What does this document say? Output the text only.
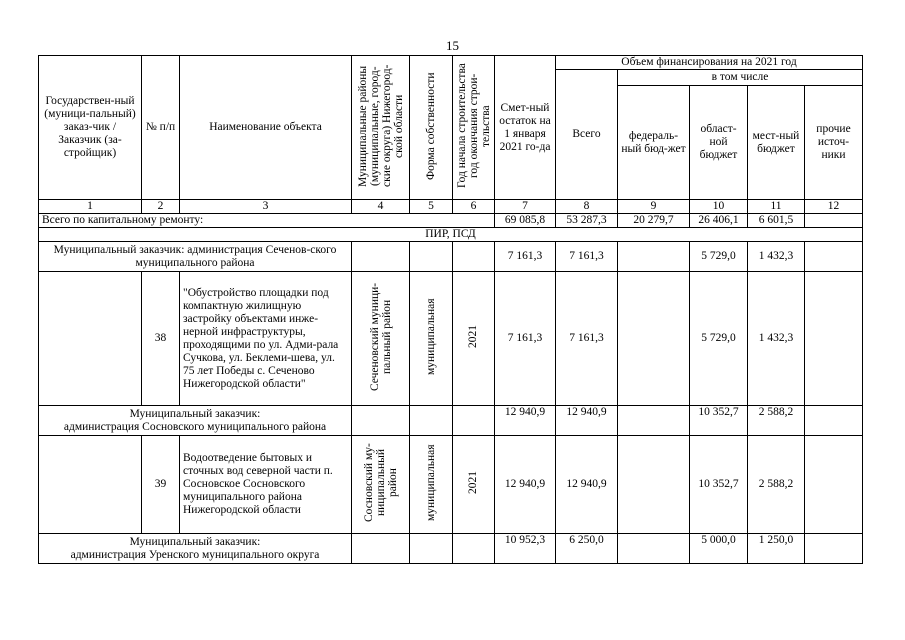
15
Государствен-ный (муници-пальный) заказ-чик / Заказчик (за-стройщик)	№ п/п	Наименование объекта	Муниципальные районы (муниципальные, город-ские округа) Нижегород-ской области	Форма собственности	Год начала строительства год окончания строи-тельства	Смет-ный остаток на 1 января 2021 го-да	Объем финансирования на 2021 год				
							Всего	в том числе			
								федераль-ный бюд-жет	област-ной бюджет	мест-ный бюджет	прочие источ-ники
1	2	3	4	5	6	7	8	9	10	11	12
Всего по капитальному ремонту:						69 085,8	53 287,3	20 279,7	26 406,1	6 601,5	
ПИР, ПСД											
Муниципальный заказчик: администрация Сеченов-ского муниципального района						7 161,3	7 161,3		5 729,0	1 432,3	
	38	"Обустройство площадки под компактную жилищную застройку объектами инже-нерной инфраструктуры, проходящими по ул. Адми-рала Сучкова, ул. Беклеми-шева, ул. 75 лет Победы с. Сеченово Нижегородской области"	Сеченовский муници-пальный район	муниципальная	2021	7 161,3	7 161,3		5 729,0	1 432,3	

Муниципальный заказчик:
администрация Сосновского муниципального района						12 940,9	12 940,9		10 352,7	2 588,2	
	39	Водоотведение бытовых и сточных вод северной части п. Сосновское Сосновского муниципального района Нижегородской области	Сосновский му-ниципальный район	муниципальная	2021	12 940,9	12 940,9		10 352,7	2 588,2	

Муниципальный заказчик:
администрация Уренского муниципального округа						10 952,3	6 250,0		5 000,0	1 250,0	
